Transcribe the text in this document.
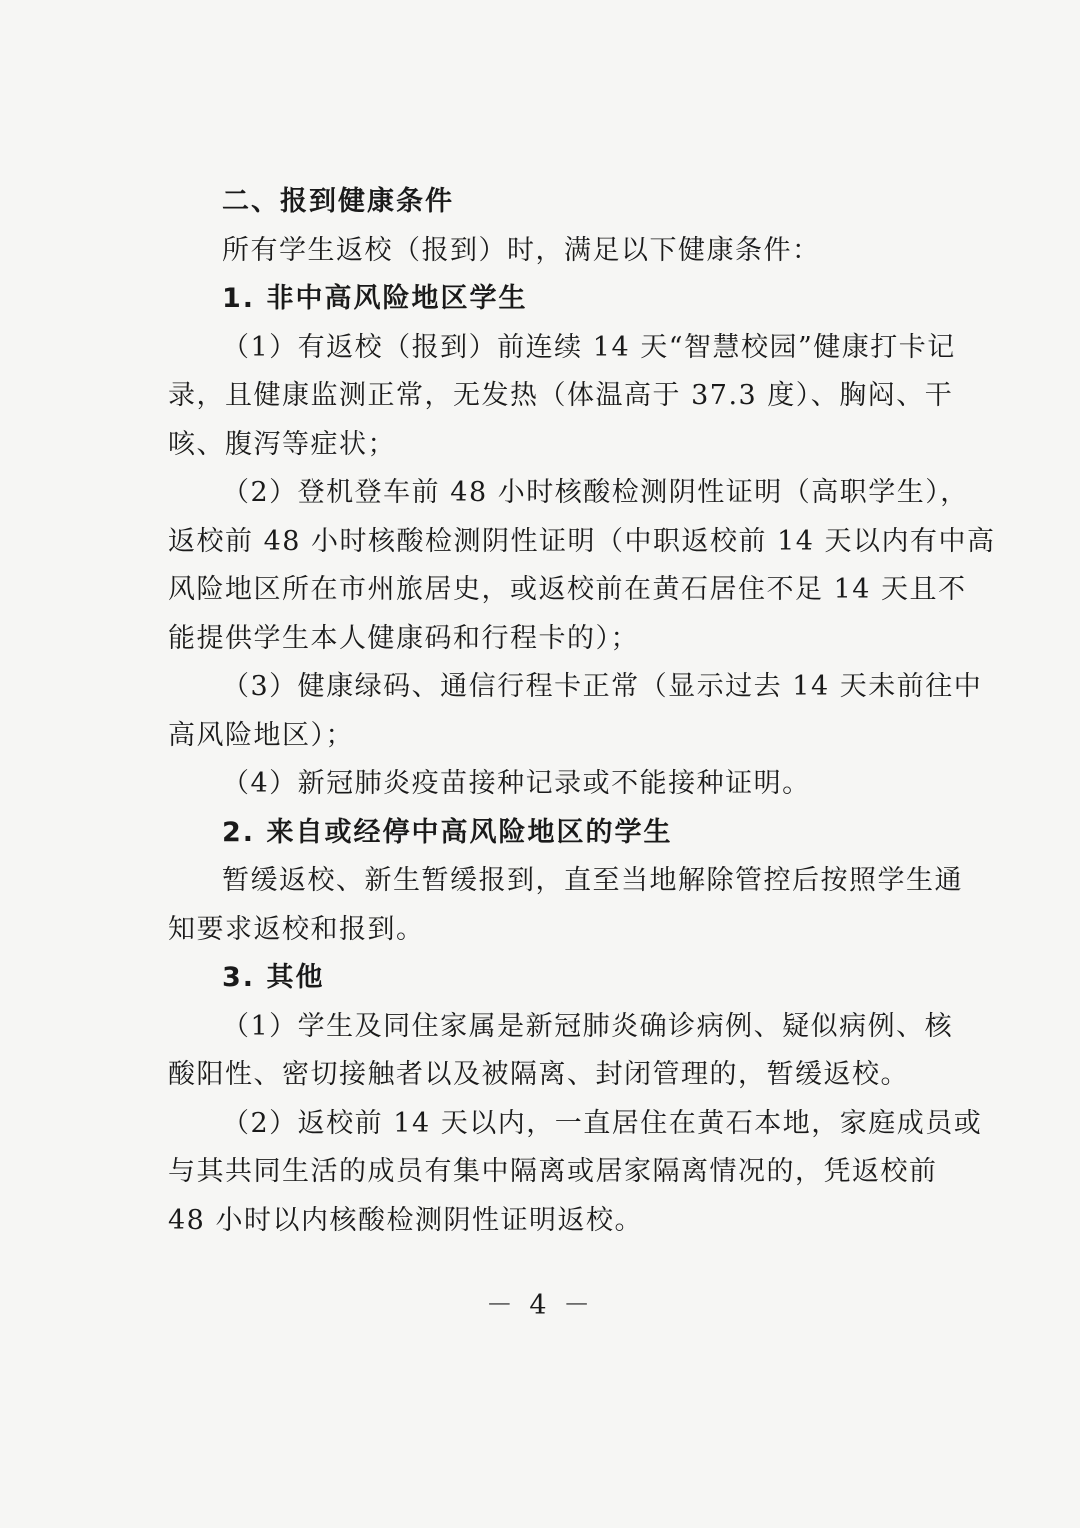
二、报到健康条件
所有学生返校（报到）时，满足以下健康条件：
1. 非中高风险地区学生
（1）有返校（报到）前连续 14 天“智慧校园”健康打卡记
录，且健康监测正常，无发热（体温高于 37.3 度）、胸闷、干
咳、腹泻等症状；
（2）登机登车前 48 小时核酸检测阴性证明（高职学生），
返校前 48 小时核酸检测阴性证明（中职返校前 14 天以内有中高
风险地区所在市州旅居史，或返校前在黄石居住不足 14 天且不
能提供学生本人健康码和行程卡的）；
（3）健康绿码、通信行程卡正常（显示过去 14 天未前往中
高风险地区）；
（4）新冠肺炎疫苗接种记录或不能接种证明。
2. 来自或经停中高风险地区的学生
暂缓返校、新生暂缓报到，直至当地解除管控后按照学生通
知要求返校和报到。
3. 其他
（1）学生及同住家属是新冠肺炎确诊病例、疑似病例、核
酸阳性、密切接触者以及被隔离、封闭管理的，暂缓返校。
（2）返校前 14 天以内，一直居住在黄石本地，家庭成员或
与其共同生活的成员有集中隔离或居家隔离情况的，凭返校前
48 小时以内核酸检测阴性证明返校。
－ 4 －
